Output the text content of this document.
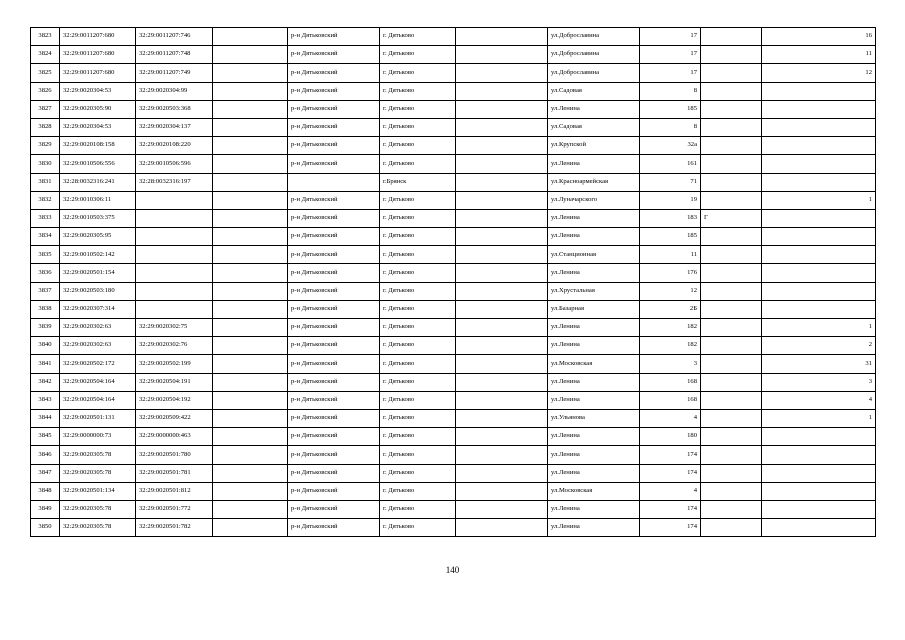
3823	32:29:0011207:680	32:29:0011207:746		р-н Дятьковский	г. Дятьково		ул.Доброславина	17		16
3824	32:29:0011207:680	32:29:0011207:748		р-н Дятьковский	г. Дятьково		ул.Доброславина	17		11
3825	32:29:0011207:680	32:29:0011207:749		р-н Дятьковский	г. Дятьково		ул.Доброславина	17		12
3826	32:29:0020304:53	32:29:0020304:99		р-н Дятьковский	г. Дятьково		ул.Садовая	8		
3827	32:29:0020305:90	32:29:0020503:368		р-н Дятьковский	г. Дятьково		ул.Ленина	185		
3828	32:29:0020304:53	32:29:0020304:137		р-н Дятьковский	г. Дятьково		ул.Садовая	8		
3829	32:29:0020108:158	32:29:0020108:220		р-н Дятьковский	г. Дятьково		ул.Крупской	32а		
3830	32:29:0010506:556	32:29:0010506:596		р-н Дятьковский	г. Дятьково		ул.Ленина	161		
3831	32:28:0032316:241	32:28:0032316:197			г.Брянск		ул.Красноармейская	71		
3832	32:29:0010306:11			р-н Дятьковский	г. Дятьково		ул.Луначарского	19		1
3833	32:29:0010503:375			р-н Дятьковский	г. Дятьково		ул.Ленина	183	Г	
3834	32:29:0020305:95			р-н Дятьковский	г. Дятьково		ул.Ленина	185		
3835	32:29:0010502:142			р-н Дятьковский	г. Дятьково		ул.Станционная	11		
3836	32:29:0020501:154			р-н Дятьковский	г. Дятьково		ул.Ленина	176		
3837	32:29:0020503:180			р-н Дятьковский	г. Дятьково		ул.Хрустальная	12		
3838	32:29:0020307:314			р-н Дятьковский	г. Дятьково		ул.Базарная	2Б		
3839	32:29:0020302:63	32:29:0020302:75		р-н Дятьковский	г. Дятьково		ул.Ленина	182		1
3840	32:29:0020302:63	32:29:0020302:76		р-н Дятьковский	г. Дятьково		ул.Ленина	182		2
3841	32:29:0020502:172	32:29:0020502:199		р-н Дятьковский	г. Дятьково		ул.Московская	3		31
3842	32:29:0020504:164	32:29:0020504:191		р-н Дятьковский	г. Дятьково		ул.Ленина	168		3
3843	32:29:0020504:164	32:29:0020504:192		р-н Дятьковский	г. Дятьково		ул.Ленина	168		4
3844	32:29:0020501:131	32:29:0020509:422		р-н Дятьковский	г. Дятьково		ул.Ульянова	4		1
3845	32:29:0000000:73	32:29:0000000:463		р-н Дятьковский	г. Дятьково		ул.Ленина	180		
3846	32:29:0020305:78	32:29:0020501:780		р-н Дятьковский	г. Дятьково		ул.Ленина	174		
3847	32:29:0020305:78	32:29:0020501:781		р-н Дятьковский	г. Дятьково		ул.Ленина	174		
3848	32:29:0020501:134	32:29:0020501:812		р-н Дятьковский	г. Дятьково		ул.Московская	4		
3849	32:29:0020305:78	32:29:0020501:772		р-н Дятьковский	г. Дятьково		ул.Ленина	174		
3850	32:29:0020305:78	32:29:0020501:782		р-н Дятьковский	г. Дятьково		ул.Ленина	174		
140
